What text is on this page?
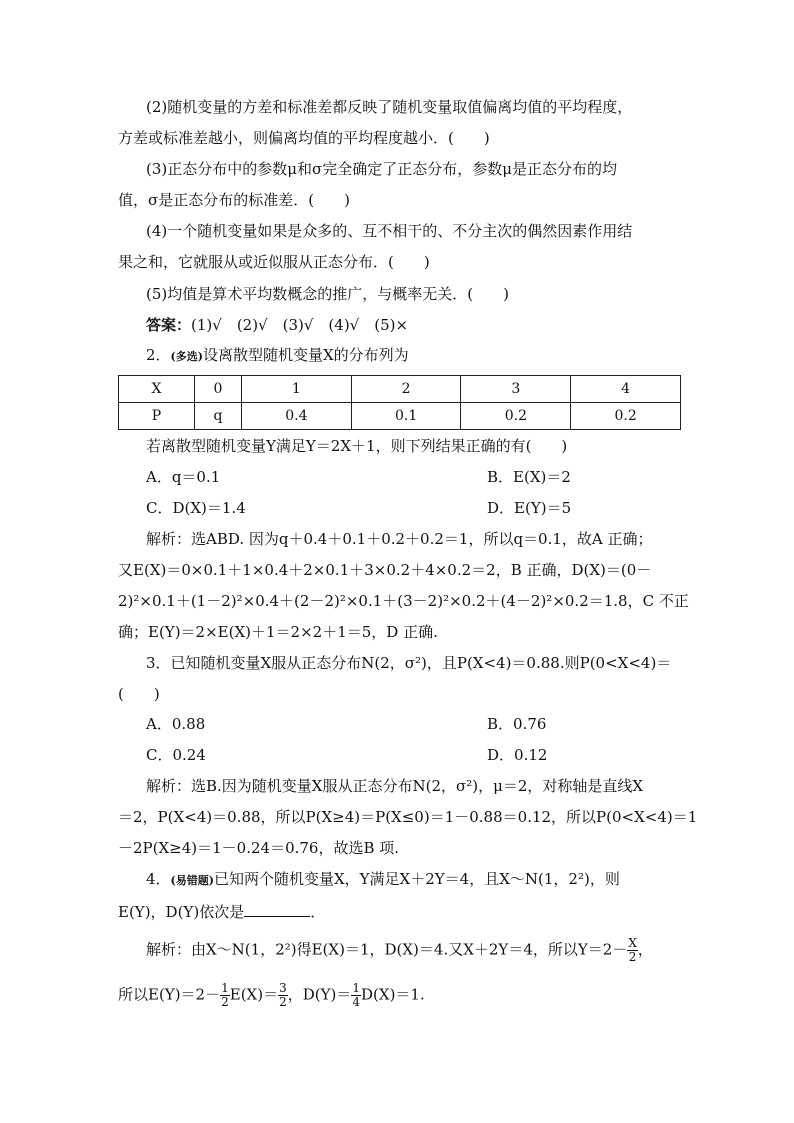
(2)随机变量的方差和标准差都反映了随机变量取值偏离均值的平均程度，
方差或标准差越小，则偏离均值的平均程度越小．(　　)
(3)正态分布中的参数μ和σ完全确定了正态分布，参数μ是正态分布的均
值，σ是正态分布的标准差．(　　)
(4)一个随机变量如果是众多的、互不相干的、不分主次的偶然因素作用结
果之和，它就服从或近似服从正态分布．(　　)
(5)均值是算术平均数概念的推广，与概率无关．(　　)
答案：(1)√　(2)√　(3)√　(4)√　(5)×
2．(多选)设离散型随机变量X的分布列为
X	0	1	2	3	4
P	q	0.4	0.1	0.2	0.2
若离散型随机变量Y满足Y＝2X＋1，则下列结果正确的有(　　)
A．q＝0.1	B．E(X)＝2
C．D(X)＝1.4	D．E(Y)＝5
解析：选ABD. 因为q＋0.4＋0.1＋0.2＋0.2＝1，所以q＝0.1，故A 正确；
又E(X)＝0×0.1＋1×0.4＋2×0.1＋3×0.2＋4×0.2＝2，B 正确，D(X)＝(0－
2)²×0.1＋(1－2)²×0.4＋(2－2)²×0.1＋(3－2)²×0.2＋(4－2)²×0.2＝1.8，C 不正
确；E(Y)＝2×E(X)＋1＝2×2＋1＝5，D 正确.
3．已知随机变量X服从正态分布N(2，σ²)，且P(X<4)＝0.88.则P(0<X<4)＝
(　　)
A．0.88	B．0.76
C．0.24	D．0.12
解析：选B.因为随机变量X服从正态分布N(2，σ²)，μ＝2，对称轴是直线X
＝2，P(X<4)＝0.88，所以P(X≥4)＝P(X≤0)＝1－0.88＝0.12，所以P(0<X<4)＝1
－2P(X≥4)＝1－0.24＝0.76，故选B 项.
4．(易错题)已知两个随机变量X，Y满足X＋2Y＝4，且X～N(1，2²)，则
E(Y)，D(Y)依次是	．
解析：由X～N(1，2²)得E(X)＝1，D(X)＝4.又X＋2Y＝4，所以$Y=2- \frac{X}{2}$ ，
所以$E(Y)=2- \frac{1}{2} E(X)= \frac{3}{2}$ ，$D(Y)= \frac{1}{4} D(X)=1$.
